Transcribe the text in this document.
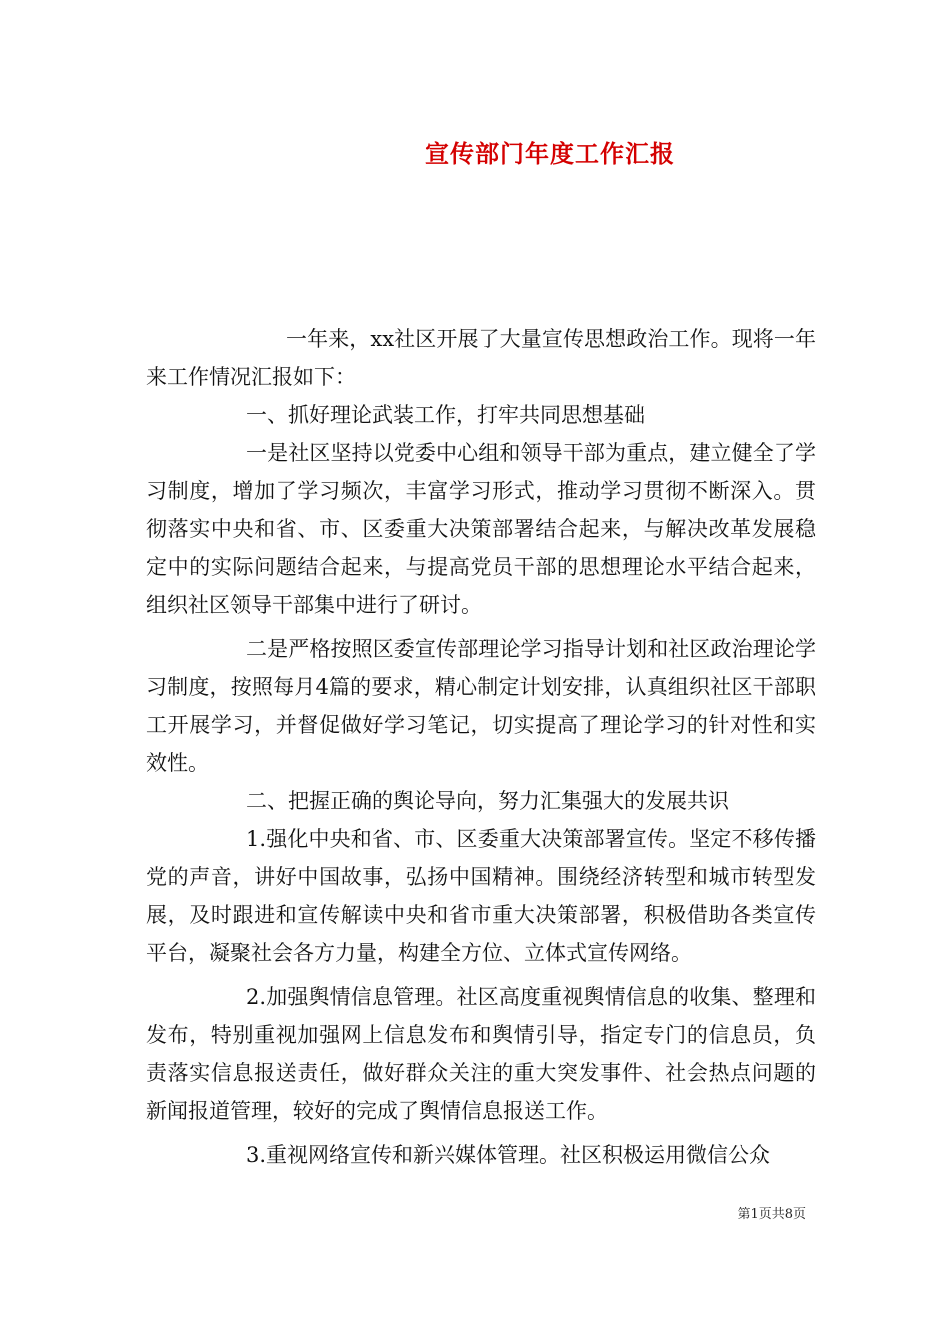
宣传部门年度工作汇报

一年来，xx社区开展了大量宣传思想政治工作。现将一年来工作情况汇报如下：

一、抓好理论武装工作，打牢共同思想基础

一是社区坚持以党委中心组和领导干部为重点，建立健全了学习制度，增加了学习频次，丰富学习形式，推动学习贯彻不断深入。贯彻落实中央和省、市、区委重大决策部署结合起来，与解决改革发展稳定中的实际问题结合起来，与提高党员干部的思想理论水平结合起来，组织社区领导干部集中进行了研讨。

二是严格按照区委宣传部理论学习指导计划和社区政治理论学习制度，按照每月4篇的要求，精心制定计划安排，认真组织社区干部职工开展学习，并督促做好学习笔记，切实提高了理论学习的针对性和实效性。

二、把握正确的舆论导向，努力汇集强大的发展共识

1.强化中央和省、市、区委重大决策部署宣传。坚定不移传播党的声音，讲好中国故事，弘扬中国精神。围绕经济转型和城市转型发展，及时跟进和宣传解读中央和省市重大决策部署，积极借助各类宣传平台，凝聚社会各方力量，构建全方位、立体式宣传网络。

2.加强舆情信息管理。社区高度重视舆情信息的收集、整理和发布，特别重视加强网上信息发布和舆情引导，指定专门的信息员，负责落实信息报送责任，做好群众关注的重大突发事件、社会热点问题的新闻报道管理，较好的完成了舆情信息报送工作。

3.重视网络宣传和新兴媒体管理。社区积极运用微信公众

第1页共8页
